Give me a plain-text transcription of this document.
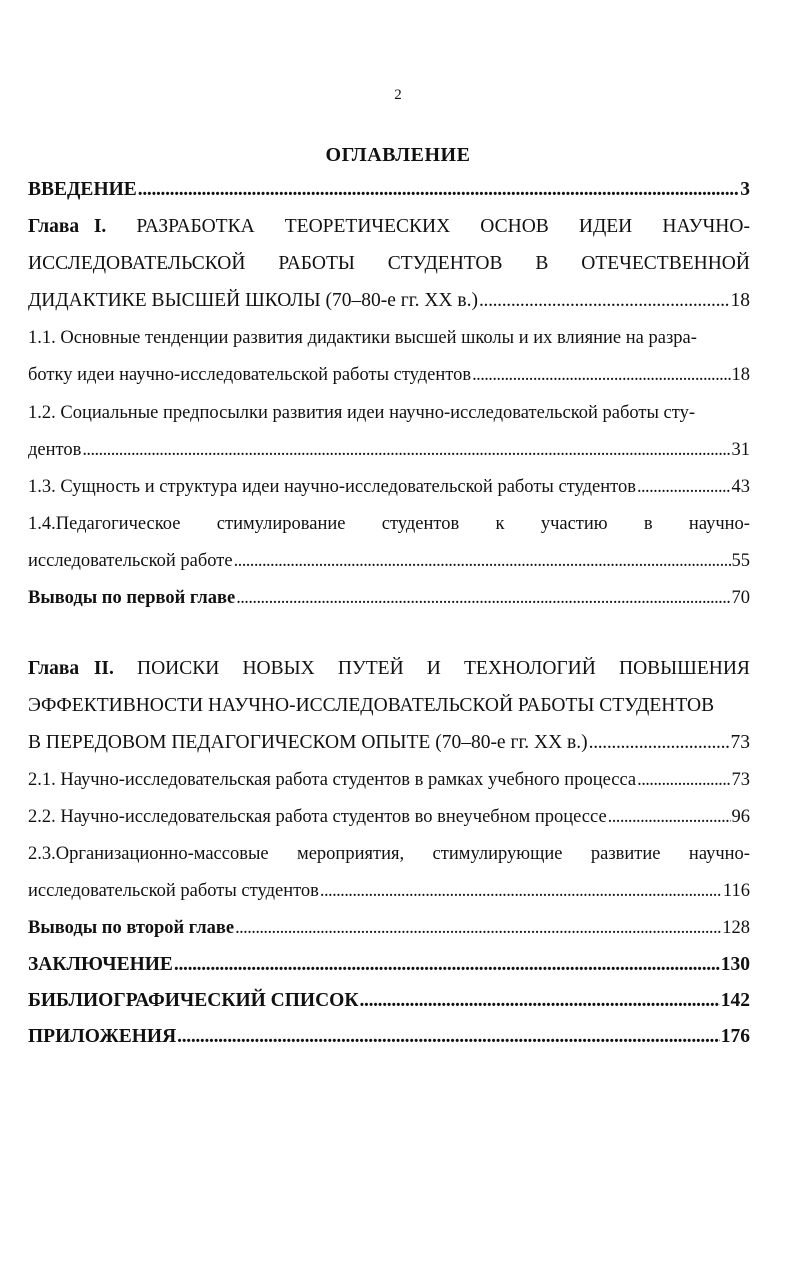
2
ОГЛАВЛЕНИЕ
ВВЕДЕНИЕ . . .	3
Глава I. РАЗРАБОТКА ТЕОРЕТИЧЕСКИХ ОСНОВ ИДЕИ НАУЧНО-
ИССЛЕДОВАТЕЛЬСКОЙ РАБОТЫ СТУДЕНТОВ В ОТЕЧЕСТВЕННОЙ
ДИДАКТИКЕ ВЫСШЕЙ ШКОЛЫ (70–80-е гг. XX в.) . . .	18
1.1. Основные тенденции развития дидактики высшей школы и их влияние на разра-
ботку идеи научно-исследовательской работы студентов . . .	18
1.2. Социальные предпосылки развития идеи научно-исследовательской работы сту-
дентов . . .	31
1.3. Сущность и структура идеи научно-исследовательской работы студентов . . .	43
1.4.Педагогическое стимулирование студентов к участию в научно-
исследовательской работе . . .	55
Выводы по первой главе . . .	70
Глава II. ПОИСКИ НОВЫХ ПУТЕЙ И ТЕХНОЛОГИЙ ПОВЫШЕНИЯ
ЭФФЕКТИВНОСТИ НАУЧНО-ИССЛЕДОВАТЕЛЬСКОЙ РАБОТЫ СТУДЕНТОВ
В ПЕРЕДОВОМ ПЕДАГОГИЧЕСКОМ ОПЫТЕ (70–80-е гг. XX в.) . . .	73
2.1. Научно-исследовательская работа студентов в рамках учебного процесса . . .	73
2.2. Научно-исследовательская работа студентов во внеучебном процессе . . .	96
2.3.Организационно-массовые мероприятия, стимулирующие развитие научно-
исследовательской работы студентов . . .	116
Выводы по второй главе . . .	128
ЗАКЛЮЧЕНИЕ . . .	130
БИБЛИОГРАФИЧЕСКИЙ СПИСОК . . .	142
ПРИЛОЖЕНИЯ . . .	176
